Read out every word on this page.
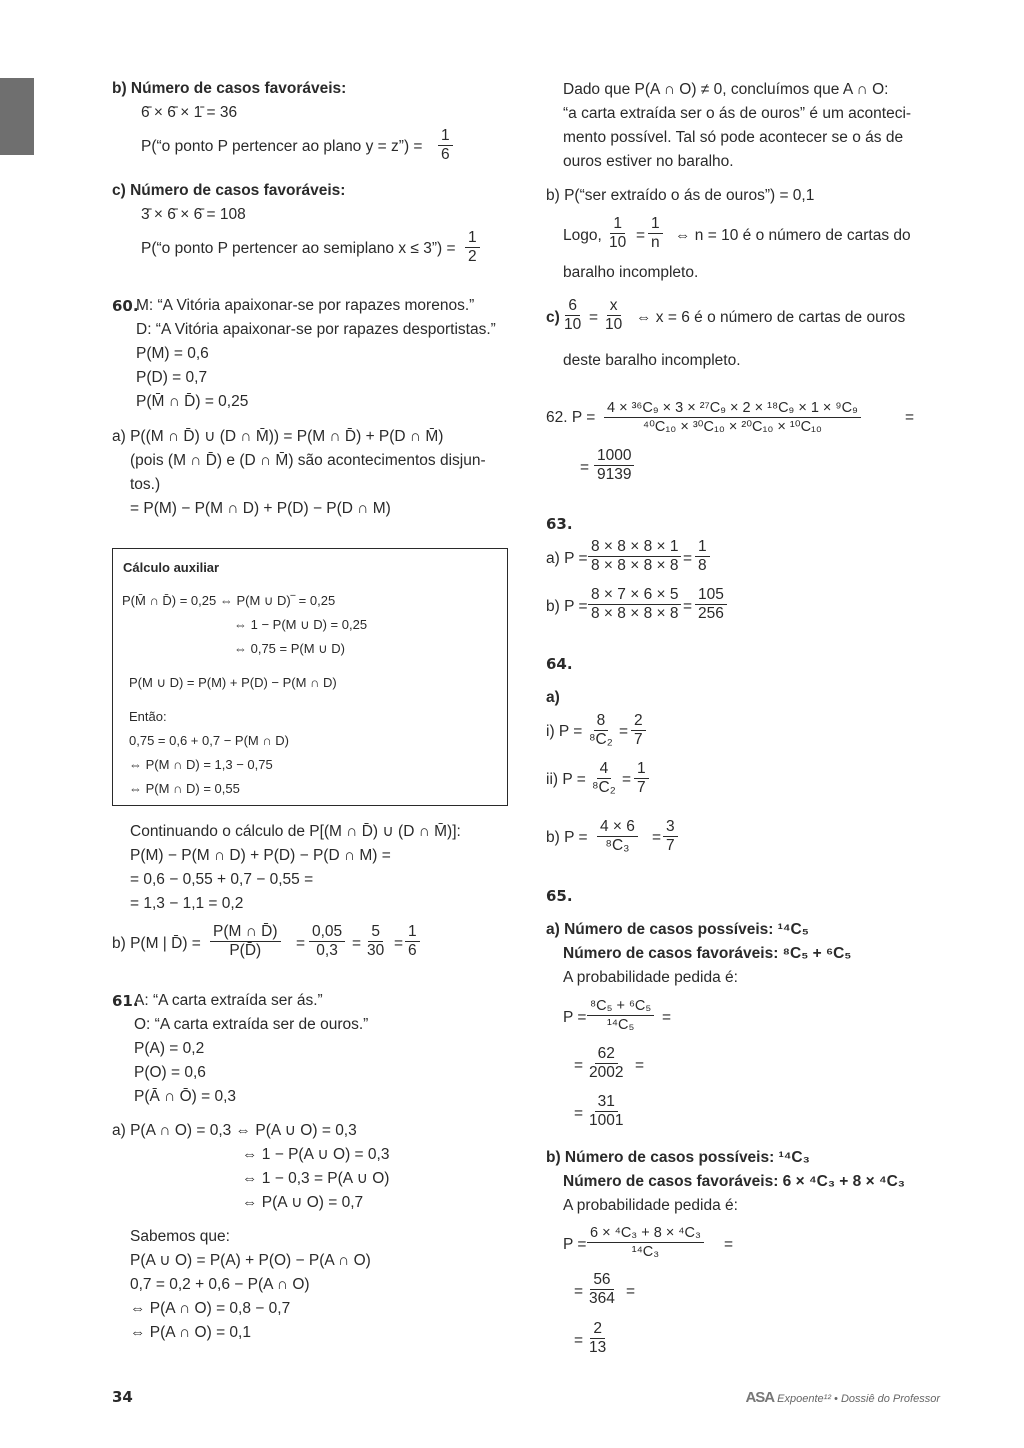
b) Número de casos favoráveis:
6̄ × 6̄ × 1̄ = 36
P(“o ponto P pertencer ao plano y = z”) = $\frac{1}{6}$
c) Número de casos favoráveis:
3̄ × 6̄ × 6̄ = 108
P(“o ponto P pertencer ao semiplano x ≤ 3”) = $\frac{1}{2}$
60.
M: “A Vitória apaixonar-se por rapazes morenos.”
D: “A Vitória apaixonar-se por rapazes desportistas.”
P(M) = 0,6
P(D) = 0,7
P(M̄ ∩ D̄) = 0,25
a) P((M ∩ D̄) ∪ (D ∩ M̄)) = P(M ∩ D̄) + P(D ∩ M̄)
(pois (M ∩ D̄) e (D ∩ M̄) são acontecimentos disjun-
tos.)
= P(M) − P(M ∩ D) + P(D) − P(D ∩ M)
Cálculo auxiliar
P(M̄ ∩ D̄) = 0,25 ⇔ P(M ∪ D)‾ = 0,25
⇔ 1 − P(M ∪ D) = 0,25
⇔ 0,75 = P(M ∪ D)
P(M ∪ D) = P(M) + P(D) − P(M ∩ D)
Então:
0,75 = 0,6 + 0,7 − P(M ∩ D)
⇔ P(M ∩ D) = 1,3 − 0,75
⇔ P(M ∩ D) = 0,55
Continuando o cálculo de P[(M ∩ D̄) ∪ (D ∩ M̄)]:
P(M) − P(M ∩ D) + P(D) − P(D ∩ M) =
= 0,6 − 0,55 + 0,7 − 0,55 =
= 1,3 − 1,1 = 0,2
b) P(M | D̄) = $\frac{P(M \cap D̄)}{P(D̄)} = \frac{0,05}{0,3} = \frac{5}{30} = \frac{1}{6}$
61.
A: “A carta extraída ser ás.”
O: “A carta extraída ser de ouros.”
P(A) = 0,2
P(O) = 0,6
P(Ā ∩ Ō) = 0,3
a) P(A ∩ O) = 0,3 ⇔ P(A ∪ O) = 0,3
⇔ 1 − P(A ∪ O) = 0,3
⇔ 1 − 0,3 = P(A ∪ O)
⇔ P(A ∪ O) = 0,7
Sabemos que:
P(A ∪ O) = P(A) + P(O) − P(A ∩ O)
0,7 = 0,2 + 0,6 − P(A ∩ O)
⇔ P(A ∩ O) = 0,8 − 0,7
⇔ P(A ∩ O) = 0,1
Dado que P(A ∩ O) ≠ 0, concluímos que A ∩ O:
“a carta extraída ser o ás de ouros” é um aconteci-
mento possível. Tal só pode acontecer se o ás de
ouros estiver no baralho.
b) P(“ser extraído o ás de ouros”) = 0,1
Logo, $\frac{1}{10} = \frac{1}{n}$ ⇔ n = 10 é o número de cartas do
baralho incompleto.
$c) \frac{6}{10} = \frac{x}{10}$ ⇔ x = 6 é o número de cartas de ouros
deste baralho incompleto.
62. $P = \frac{\text{4 × ³⁶C₉ × 3 × ²⁷C₉ × 2 × ¹⁸C₉ × 1 × ⁹C₉}}{\text{⁴⁰C₁₀ × ³⁰C₁₀ × ²⁰C₁₀ × ¹⁰C₁₀}}$	=
= $\frac{1000}{9139}$
63.
a) $P = \frac{8 \times 8 \times 8 \times 1}{8 \times 8 \times 8 \times 8} = \frac{1}{8}$
b) $P = \frac{8 \times 7 \times 6 \times 5}{8 \times 8 \times 8 \times 8} = \frac{105}{256}$
64.
a)
i) $P = \frac{8}{\text{⁸C₂}} = \frac{2}{7}$
ii) $P = \frac{4}{\text{⁸C₂}} = \frac{1}{7}$
b) $P = \frac{4 \times 6}{\text{⁸C₃}} = \frac{3}{7}$
65.
a) Número de casos possíveis: ¹⁴C₅
Número de casos favoráveis: ⁸C₅ + ⁶C₅
A probabilidade pedida é:
$P = \frac{\text{⁸C₅ + ⁶C₅}}{\text{¹⁴C₅}}$ =
= $\frac{62}{2002}$ =
= $\frac{31}{1001}$
b) Número de casos possíveis: ¹⁴C₃
Número de casos favoráveis: 6 × ⁴C₃ + 8 × ⁴C₃
A probabilidade pedida é:
$P = \frac{\text{6 × ⁴C₃ + 8 × ⁴C₃}}{\text{¹⁴C₃}}$ =
= $\frac{56}{364}$ =
= $\frac{2}{13}$
34	ASA Expoente¹² • Dossiê do Professor
